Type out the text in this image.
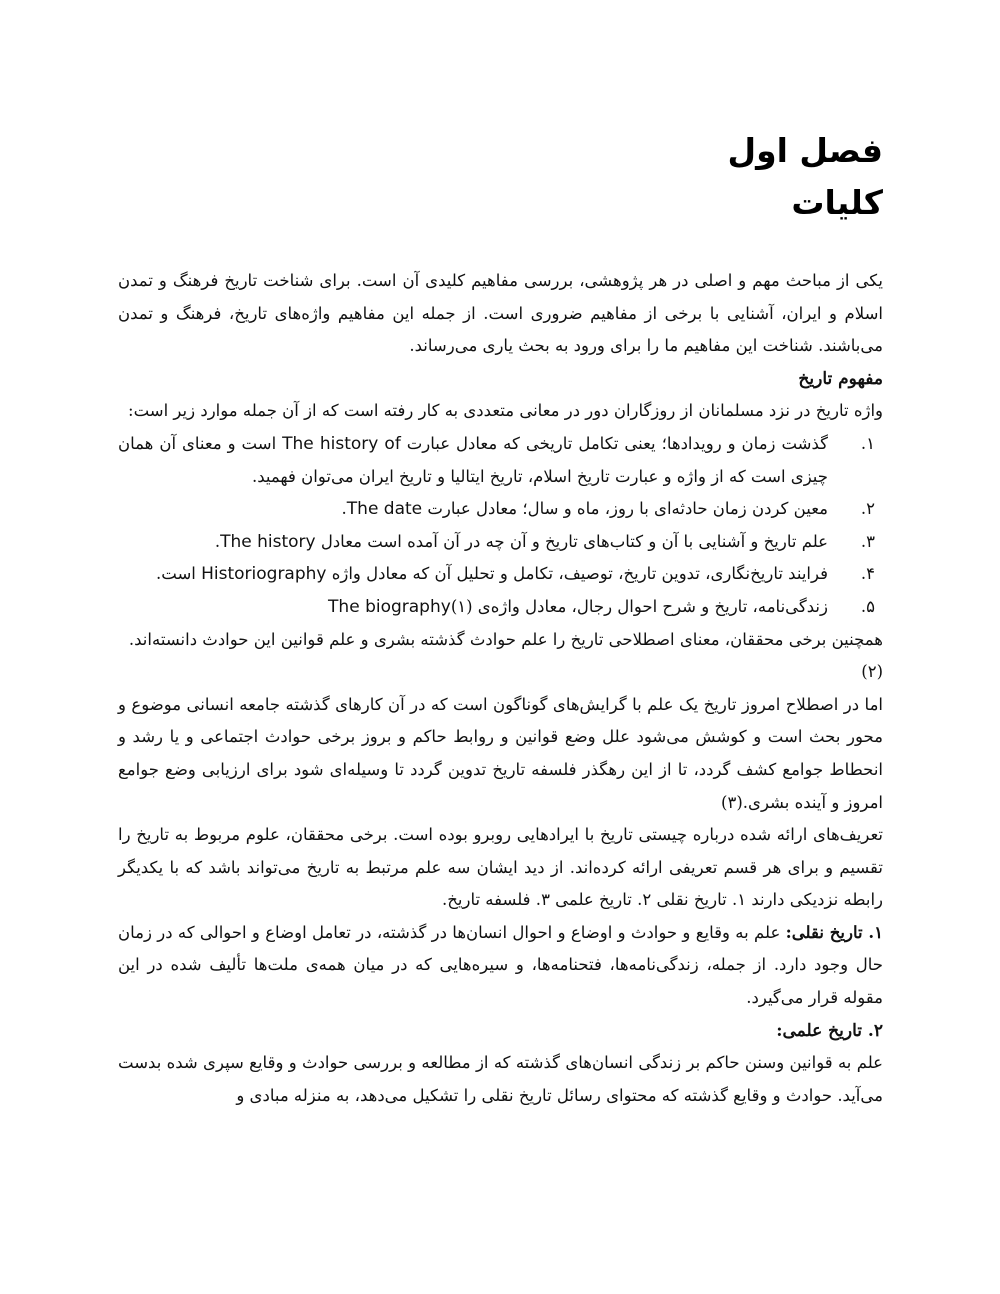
فصل اول
کلیات

یکی از مباحث مهم و اصلی در هر پژوهشی، بررسی مفاهیم کلیدی آن است. برای شناخت تاریخ فرهنگ و تمدن اسلام و ایران، آشنایی با برخی از مفاهیم ضروری است. از جمله این مفاهیم واژه‌های تاریخ، فرهنگ و تمدن می‌باشند. شناخت این مفاهیم ما را برای ورود به بحث یاری می‌رساند.

مفهوم تاریخ

واژه تاریخ در نزد مسلمانان از روزگاران دور در معانی متعددی به کار رفته است که از آن جمله موارد زیر است:

۱.
گذشت زمان و رویدادها؛ یعنی تکامل تاریخی که معادل عبارت The history of است و معنای آن همان چیزی است که از واژه و عبارت تاریخ اسلام، تاریخ ایتالیا و تاریخ ایران می‌توان فهمید.
۲.
معین کردن زمان حادثه‌ای با روز، ماه و سال؛ معادل عبارت The date.
۳.
علم تاریخ و آشنایی با آن و کتاب‌های تاریخ و آن چه در آن آمده است معادل The history.
۴.
فرایند تاریخ‌نگاری، تدوین تاریخ، توصیف، تکامل و تحلیل آن که معادل واژه Historiography است.
۵.
زندگی‌نامه، تاریخ و شرح احوال رجال، معادل واژه‌ی The biography(۱)

همچنین برخی محققان، معنای اصطلاحی تاریخ را علم حوادث گذشته بشری و علم قوانین این حوادث دانسته‌اند.(۲)

اما در اصطلاح امروز تاریخ یک علم با گرایش‌های گوناگون است که در آن کارهای گذشته جامعه انسانی موضوع و محور بحث است و کوشش می‌شود علل وضع قوانین و روابط حاکم و بروز برخی حوادث اجتماعی و یا رشد و انحطاط جوامع کشف گردد، تا از این رهگذر فلسفه تاریخ تدوین گردد تا وسیله‌ای شود برای ارزیابی وضع جوامع امروز و آینده بشری.(۳)

تعریف‌های ارائه شده درباره چیستی تاریخ با ایرادهایی روبرو بوده است. برخی محققان، علوم مربوط به تاریخ را تقسیم و برای هر قسم تعریفی ارائه کرده‌اند. از دید ایشان سه علم مرتبط به تاریخ می‌تواند باشد که با یکدیگر رابطه نزدیکی دارند ۱. تاریخ نقلی ۲. تاریخ علمی ۳. فلسفه تاریخ.

۱. تاریخ نقلی: علم به وقایع و حوادث و اوضاع و احوال انسان‌ها در گذشته، در تعامل اوضاع و احوالی که در زمان حال وجود دارد. از جمله، زندگی‌نامه‌ها، فتحنامه‌ها، و سیره‌هایی که در میان همه‌ی ملت‌ها تألیف شده در این مقوله قرار می‌گیرد.

۲. تاریخ علمی:

علم به قوانین وسنن حاکم بر زندگی انسان‌های گذشته که از مطالعه و بررسی حوادث و وقایع سپری شده بدست می‌آید. حوادث و وقایع گذشته که محتوای رسائل تاریخ نقلی را تشکیل می‌دهد، به منزله مبادی و
